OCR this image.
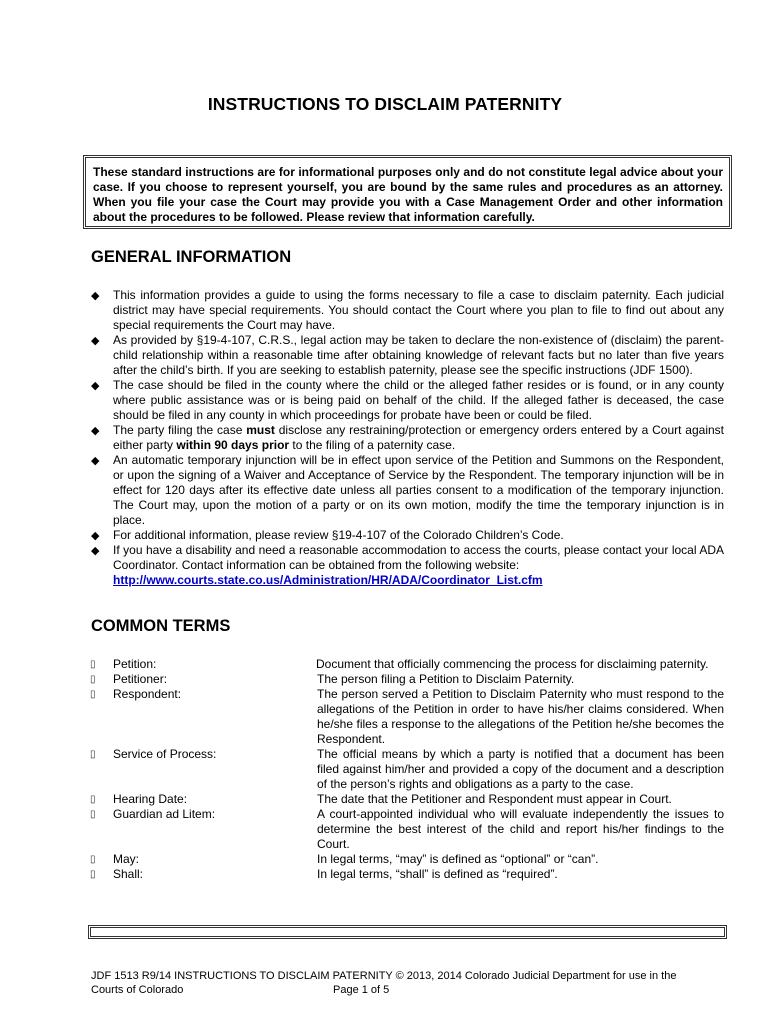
INSTRUCTIONS TO DISCLAIM PATERNITY
These standard instructions are for informational purposes only and do not constitute legal advice about your case. If you choose to represent yourself, you are bound by the same rules and procedures as an attorney. When you file your case the Court may provide you with a Case Management Order and other information about the procedures to be followed. Please review that information carefully.
GENERAL INFORMATION
◆ This information provides a guide to using the forms necessary to file a case to disclaim paternity. Each judicial district may have special requirements. You should contact the Court where you plan to file to find out about any special requirements the Court may have.
◆ As provided by §19-4-107, C.R.S., legal action may be taken to declare the non-existence of (disclaim) the parent-child relationship within a reasonable time after obtaining knowledge of relevant facts but no later than five years after the child’s birth. If you are seeking to establish paternity, please see the specific instructions (JDF 1500).
◆ The case should be filed in the county where the child or the alleged father resides or is found, or in any county where public assistance was or is being paid on behalf of the child. If the alleged father is deceased, the case should be filed in any county in which proceedings for probate have been or could be filed.
◆ The party filing the case must disclose any restraining/protection or emergency orders entered by a Court against either party within 90 days prior to the filing of a paternity case.
◆ An automatic temporary injunction will be in effect upon service of the Petition and Summons on the Respondent, or upon the signing of a Waiver and Acceptance of Service by the Respondent. The temporary injunction will be in effect for 120 days after its effective date unless all parties consent to a modification of the temporary injunction. The Court may, upon the motion of a party or on its own motion, modify the time the temporary injunction is in place.
◆ For additional information, please review §19-4-107 of the Colorado Children’s Code.
◆ If you have a disability and need a reasonable accommodation to access the courts, please contact your local ADA Coordinator. Contact information can be obtained from the following website:
http://www.courts.state.co.us/Administration/HR/ADA/Coordinator_List.cfm
COMMON TERMS
▯	Petition:	Document that officially commencing the process for disclaiming paternity.
▯	Petitioner:	The person filing a Petition to Disclaim Paternity.
▯	Respondent:	The person served a Petition to Disclaim Paternity who must respond to the allegations of the Petition in order to have his/her claims considered. When he/she files a response to the allegations of the Petition he/she becomes the Respondent.
▯	Service of Process:	The official means by which a party is notified that a document has been filed against him/her and provided a copy of the document and a description of the person’s rights and obligations as a party to the case.
▯	Hearing Date:	The date that the Petitioner and Respondent must appear in Court.
▯	Guardian ad Litem:	A court-appointed individual who will evaluate independently the issues to determine the best interest of the child and report his/her findings to the Court.
▯	May:	In legal terms, “may” is defined as “optional” or “can”.
▯	Shall:	In legal terms, “shall” is defined as “required”.
JDF 1513 R9/14 INSTRUCTIONS TO DISCLAIM PATERNITY © 2013, 2014 Colorado Judicial Department for use in the
Courts of Colorado	Page 1 of 5
